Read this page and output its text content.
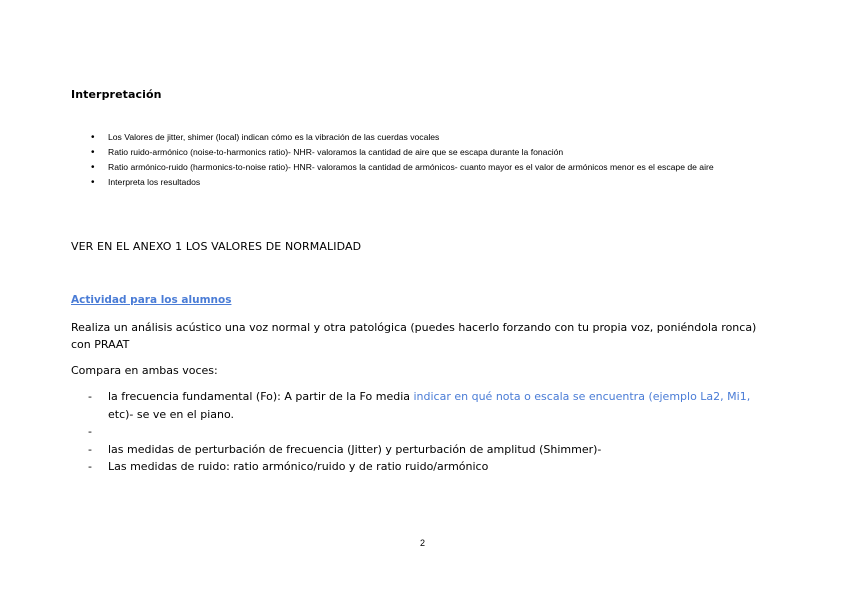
Interpretación
• Los Valores de jitter, shimer (local) indican cómo es la vibración de las cuerdas vocales
• Ratio ruido-armónico (noise-to-harmonics ratio)- NHR- valoramos la cantidad de aire que se escapa durante la fonación
• Ratio armónico-ruido (harmonics-to-noise ratio)- HNR- valoramos la cantidad de armónicos- cuanto mayor es el valor de armónicos menor es el escape de aire
• Interpreta los resultados
VER EN EL ANEXO 1 LOS VALORES DE NORMALIDAD
Actividad para los alumnos
Realiza un análisis acústico una voz normal y otra patológica (puedes hacerlo forzando con tu propia voz, poniéndola ronca) con PRAAT
Compara en ambas voces:
- la frecuencia fundamental (Fo): A partir de la Fo media indicar en qué nota o escala se encuentra (ejemplo La2, Mi1, etc)- se ve en el piano.
-
- las medidas de perturbación de frecuencia (Jitter) y perturbación de amplitud (Shimmer)-
- Las medidas de ruido: ratio armónico/ruido y de ratio ruido/armónico
2
